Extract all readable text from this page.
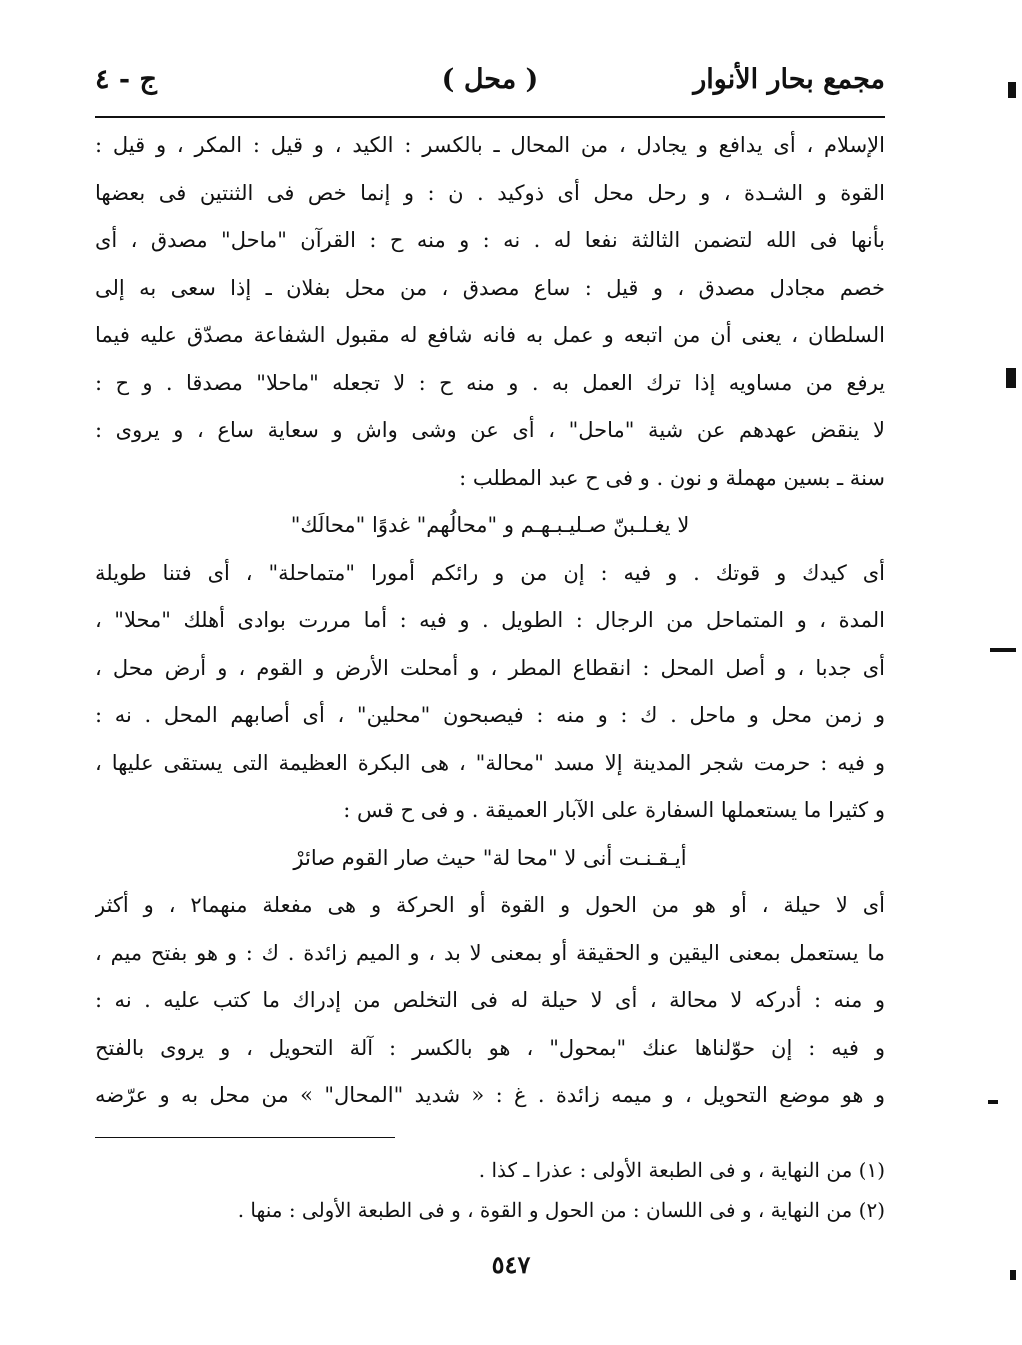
مجمع بحار الأنوار
( محل )
ج - ٤
الإسلام ، أى يدافع و يجادل ، من المحال ـ بالكسر : الكيد ، و قيل : المكر ، و قيل :
القوة و الشـدة ، و رحل محل أى ذوكيد . ن : و إنما خص فى الثنتين فى بعضها
بأنها فى الله لتضمن الثالثة نفعا له . نه : و منه ح : القرآن "ماحل" مصدق ، أى
خصم مجادل مصدق ، و قيل : ساع مصدق ، من محل بفلان ـ إذا سعى به إلى
السلطان ، يعنى أن من اتبعه و عمل به فانه شافع له مقبول الشفاعة مصدّق عليه فيما
يرفع من مساويه إذا ترك العمل به . و منه ح : لا تجعله "ماحلا" مصدقا . و ح :
لا ينقض عهدهم عن شية "ماحل" ، أى عن وشى واش و سعاية ساع ، و يروى :
سنة ـ بسين مهملة و نون . و فى ح عبد المطلب :
لا يغـلـبنّ صـليـبـهـم و "محالُهم" غدوًا "محالَك"
أى كيدك و قوتك . و فيه : إن من و رائكم أمورا "متماحلة" ، أى فتنا طويلة
المدة ، و المتماحل من الرجال : الطويل . و فيه : أما مررت بوادى أهلك "محلا" ،
أى جدبا ، و أصل المحل : انقطاع المطر ، و أمحلت الأرض و القوم ، و أرض محل ،
و زمن محل و ماحل . ك : و منه : فيصبحون "محلين" ، أى أصابهم المحل . نه :
و فيه : حرمت شجر المدينة إلا مسد "محالة" ، هى البكرة العظيمة التى يستقى عليها ،
و كثيرا ما يستعملها السفارة على الآبار العميقة . و فى ح قس :
أيـقـنـت أنى لا "محا لة" حيث صار القوم صائرْ
أى لا حيلة ، أو هو من الحول و القوة أو الحركة و هى مفعلة منهما٢ ، و أكثر
ما يستعمل بمعنى اليقين و الحقيقة أو بمعنى لا بد ، و الميم زائدة . ك : و هو بفتح ميم ،
و منه : أدركه لا محالة ، أى لا حيلة له فى التخلص من إدراك ما كتب عليه . نه :
و فيه : إن حوّلناها عنك "بمحول" ، هو بالكسر : آلة التحويل ، و يروى بالفتح
و هو موضع التحويل ، و ميمه زائدة . غ : « شديد "المحال" » من محل به و عرّضه
(١) من النهاية ، و فى الطبعة الأولى : عذرا ـ كذا .
(٢) من النهاية ، و فى اللسان : من الحول و القوة ، و فى الطبعة الأولى : منها .
٥٤٧
